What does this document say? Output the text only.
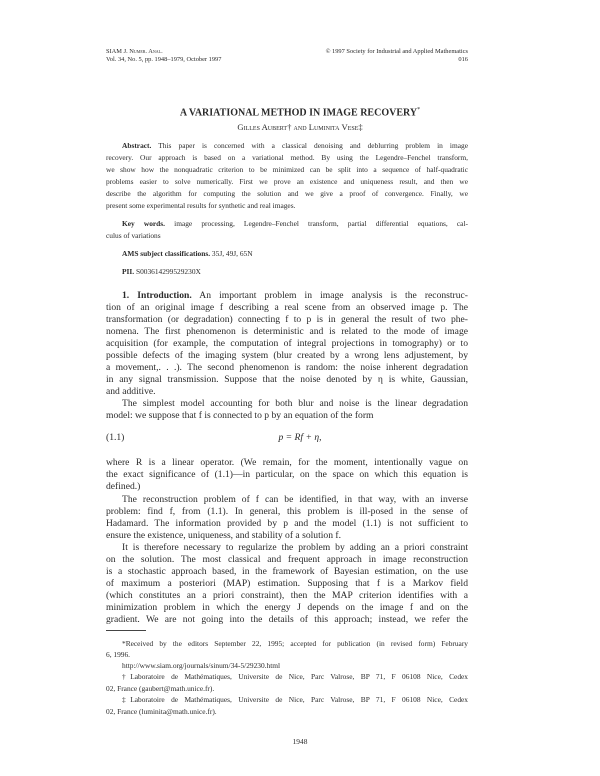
SIAM J. Numer. Anal.
Vol. 34, No. 5, pp. 1948–1979, October 1997
© 1997 Society for Industrial and Applied Mathematics
016
A VARIATIONAL METHOD IN IMAGE RECOVERY*
Gilles Aubert† and Luminita Vese‡
Abstract. This paper is concerned with a classical denoising and deblurring problem in image
recovery. Our approach is based on a variational method. By using the Legendre–Fenchel transform,
we show how the nonquadratic criterion to be minimized can be split into a sequence of half-quadratic
problems easier to solve numerically. First we prove an existence and uniqueness result, and then we
describe the algorithm for computing the solution and we give a proof of convergence. Finally, we
present some experimental results for synthetic and real images.
Key words. image processing, Legendre–Fenchel transform, partial differential equations, cal-
culus of variations
AMS subject classifications. 35J, 49J, 65N
PII. S003614299529230X
1. Introduction. An important problem in image analysis is the reconstruc-
tion of an original image f describing a real scene from an observed image p. The
transformation (or degradation) connecting f to p is in general the result of two phe-
nomena. The first phenomenon is deterministic and is related to the mode of image
acquisition (for example, the computation of integral projections in tomography) or to
possible defects of the imaging system (blur created by a wrong lens adjustement, by
a movement,. . .). The second phenomenon is random: the noise inherent degradation
in any signal transmission. Suppose that the noise denoted by η is white, Gaussian,
and additive.
The simplest model accounting for both blur and noise is the linear degradation
model: we suppose that f is connected to p by an equation of the form
where R is a linear operator. (We remain, for the moment, intentionally vague on
the exact significance of (1.1)—in particular, on the space on which this equation is
defined.)
The reconstruction problem of f can be identified, in that way, with an inverse
problem: find f, from (1.1). In general, this problem is ill-posed in the sense of
Hadamard. The information provided by p and the model (1.1) is not sufficient to
ensure the existence, uniqueness, and stability of a solution f.
It is therefore necessary to regularize the problem by adding an a priori constraint
on the solution. The most classical and frequent approach in image reconstruction
is a stochastic approach based, in the framework of Bayesian estimation, on the use
of maximum a posteriori (MAP) estimation. Supposing that f is a Markov field
(which constitutes an a priori constraint), then the MAP criterion identifies with a
minimization problem in which the energy J depends on the image f and on the
gradient. We are not going into the details of this approach; instead, we refer the
*Received by the editors September 22, 1995; accepted for publication (in revised form) February
6, 1996.
http://www.siam.org/journals/sinum/34-5/29230.html
†Laboratoire de Mathématiques, Universite de Nice, Parc Valrose, BP 71, F 06108 Nice, Cedex
02, France (gaubert@math.unice.fr).
‡Laboratoire de Mathématiques, Universite de Nice, Parc Valrose, BP 71, F 06108 Nice, Cedex
02, France (luminita@math.unice.fr).
(1.1)	p = Rf + η,
1948
